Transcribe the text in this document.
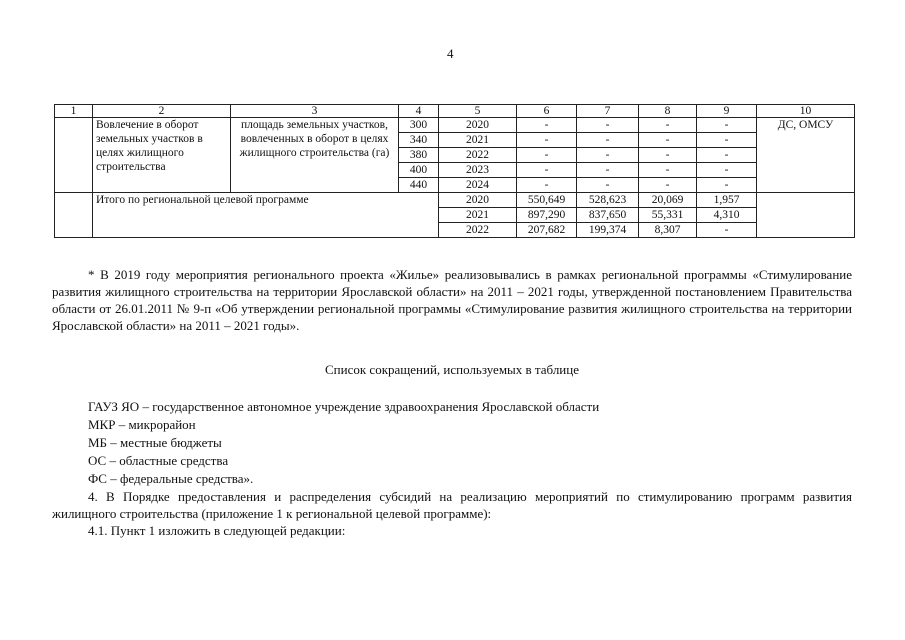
4
1	2	3	4	5	6	7	8	9	10
	Вовлечение в оборот земельных участков в целях жилищного строительства	площадь земельных участков, вовлеченных в оборот в целях жилищного строительства (га)	300	2020	-	-	-	-	ДС, ОМСУ
			340	2021	-	-	-	-	
			380	2022	-	-	-	-	
			400	2023	-	-	-	-	
			440	2024	-	-	-	-	
	Итого по региональной целевой программе			2020	550,649	528,623	20,069	1,957	
				2021	897,290	837,650	55,331	4,310	
				2022	207,682	199,374	8,307	-	
* В 2019 году мероприятия регионального проекта «Жилье» реализовывались в рамках региональной программы «Стимулирование развития жилищного строительства на территории Ярославской области» на 2011 – 2021 годы, утвержденной постановлением Правительства области от 26.01.2011 № 9-п «Об утверждении региональной программы «Стимулирование развития жилищного строительства на территории Ярославской области» на 2011 – 2021 годы».
Список сокращений, используемых в таблице
ГАУЗ ЯО – государственное автономное учреждение здравоохранения Ярославской области
МКР – микрорайон
МБ – местные бюджеты
ОС – областные средства
ФС – федеральные средства».
4. В Порядке предоставления и распределения субсидий на реализацию мероприятий по стимулированию программ развития жилищного строительства (приложение 1 к региональной целевой программе):
4.1. Пункт 1 изложить в следующей редакции:
